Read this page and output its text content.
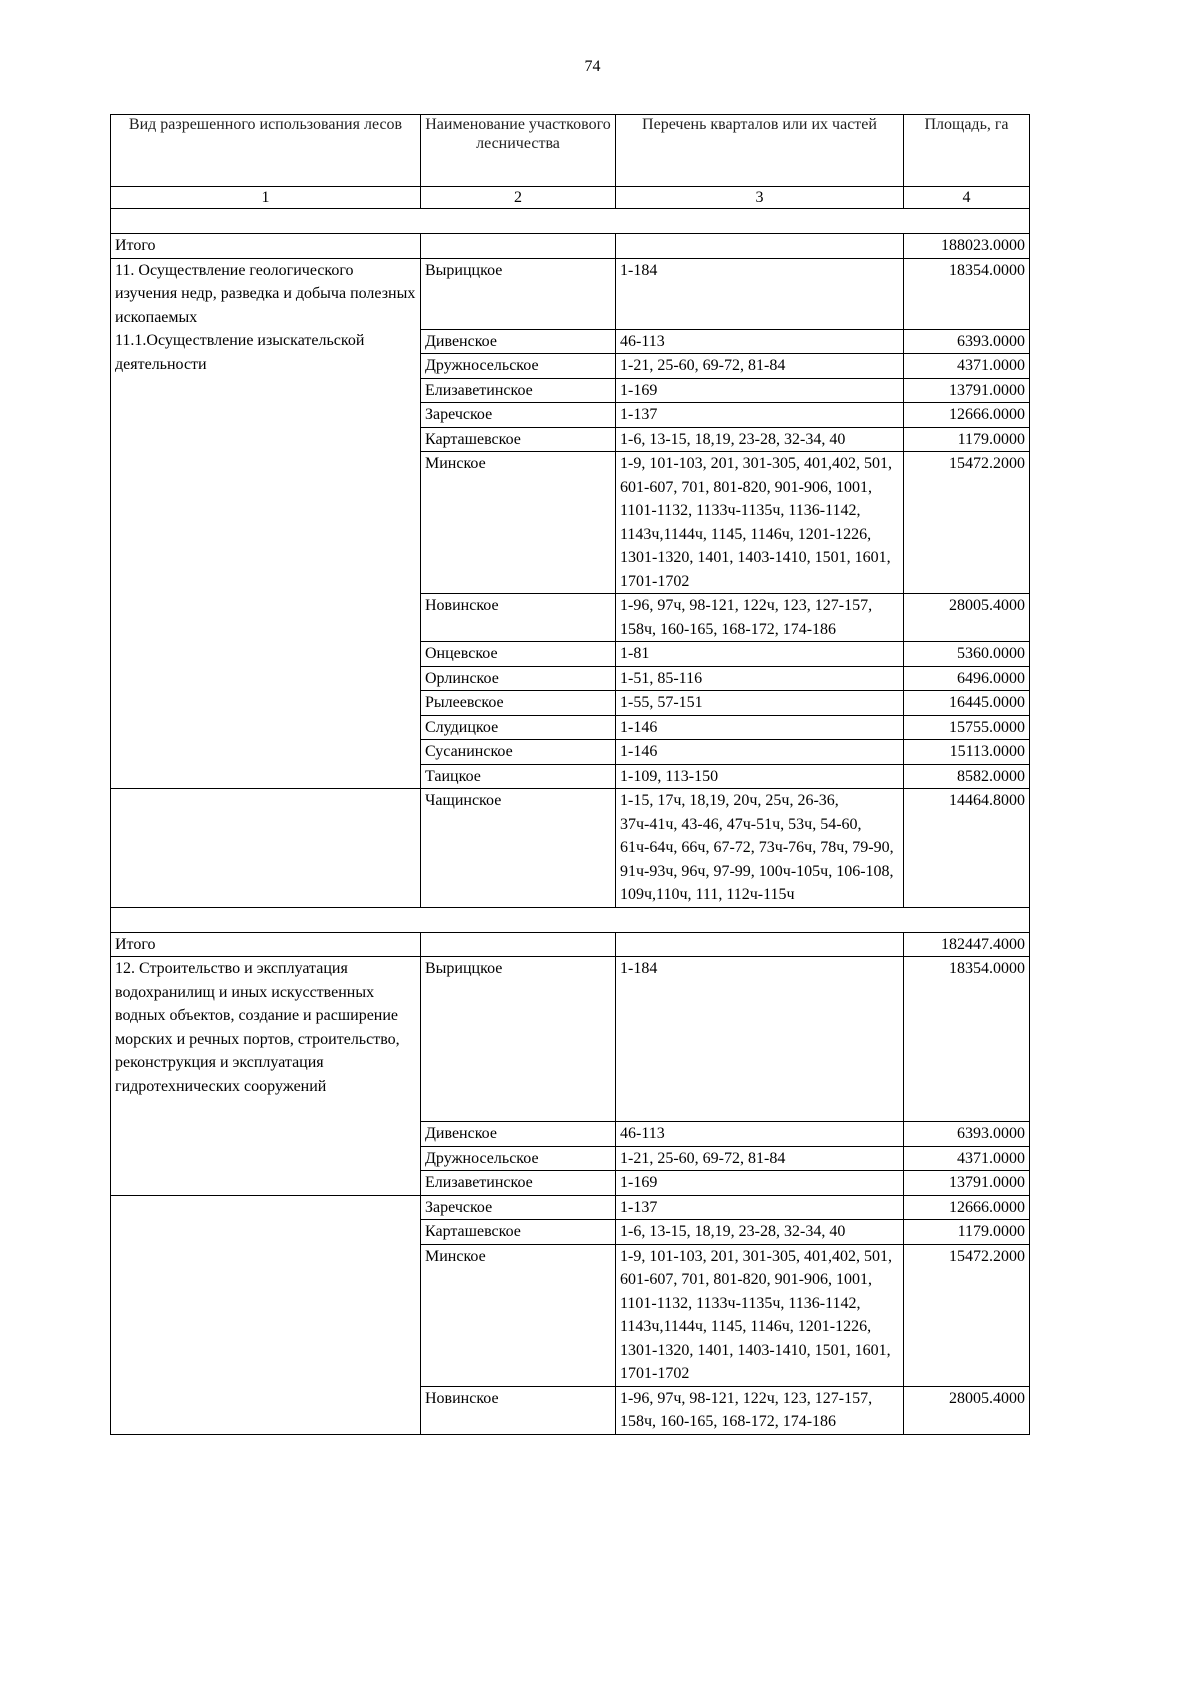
74
Вид разрешенного использования лесов	Наименование участкового лесничества	Перечень кварталов или их частей	Площадь, га
1	2	3	4

Итого			188023.0000

11. Осуществление геологического изучения недр, разведка и добыча полезных ископаемых
11.1.Осуществление изыскательской деятельности	Выриццкое	1-184	18354.0000
	Дивенское	46-113	6393.0000
	Дружносельское	1-21, 25-60, 69-72, 81-84	4371.0000
	Елизаветинское	1-169	13791.0000
	Заречское	1-137	12666.0000
	Карташевское	1-6, 13-15, 18,19, 23-28, 32-34, 40	1179.0000
	Минское	1-9, 101-103, 201, 301-305, 401,402, 501, 601-607, 701, 801-820, 901-906, 1001, 1101-1132, 1133ч-1135ч, 1136-1142, 1143ч,1144ч, 1145, 1146ч, 1201-1226, 1301-1320, 1401, 1403-1410, 1501, 1601, 1701-1702	15472.2000
	Новинское	1-96, 97ч, 98-121, 122ч, 123, 127-157, 158ч, 160-165, 168-172, 174-186	28005.4000
	Онцевское	1-81	5360.0000
	Орлинское	1-51, 85-116	6496.0000
	Рылеевское	1-55, 57-151	16445.0000
	Слудицкое	1-146	15755.0000
	Сусанинское	1-146	15113.0000
	Таицкое	1-109, 113-150	8582.0000
	Чащинское	1-15, 17ч, 18,19, 20ч, 25ч, 26-36, 37ч-41ч, 43-46, 47ч-51ч, 53ч, 54-60, 61ч-64ч, 66ч, 67-72, 73ч-76ч, 78ч, 79-90, 91ч-93ч, 96ч, 97-99, 100ч-105ч, 106-108, 109ч,110ч, 111, 112ч-115ч	14464.8000

Итого			182447.4000

12. Строительство и эксплуатация водохранилищ и иных искусственных водных объектов, создание и расширение морских и речных портов, строительство, реконструкция и эксплуатация гидротехнических сооружений	Выриццкое	1-184	18354.0000
	Дивенское	46-113	6393.0000
	Дружносельское	1-21, 25-60, 69-72, 81-84	4371.0000
	Елизаветинское	1-169	13791.0000
	Заречское	1-137	12666.0000
	Карташевское	1-6, 13-15, 18,19, 23-28, 32-34, 40	1179.0000
	Минское	1-9, 101-103, 201, 301-305, 401,402, 501, 601-607, 701, 801-820, 901-906, 1001, 1101-1132, 1133ч-1135ч, 1136-1142, 1143ч,1144ч, 1145, 1146ч, 1201-1226, 1301-1320, 1401, 1403-1410, 1501, 1601, 1701-1702	15472.2000
	Новинское	1-96, 97ч, 98-121, 122ч, 123, 127-157, 158ч, 160-165, 168-172, 174-186	28005.4000
